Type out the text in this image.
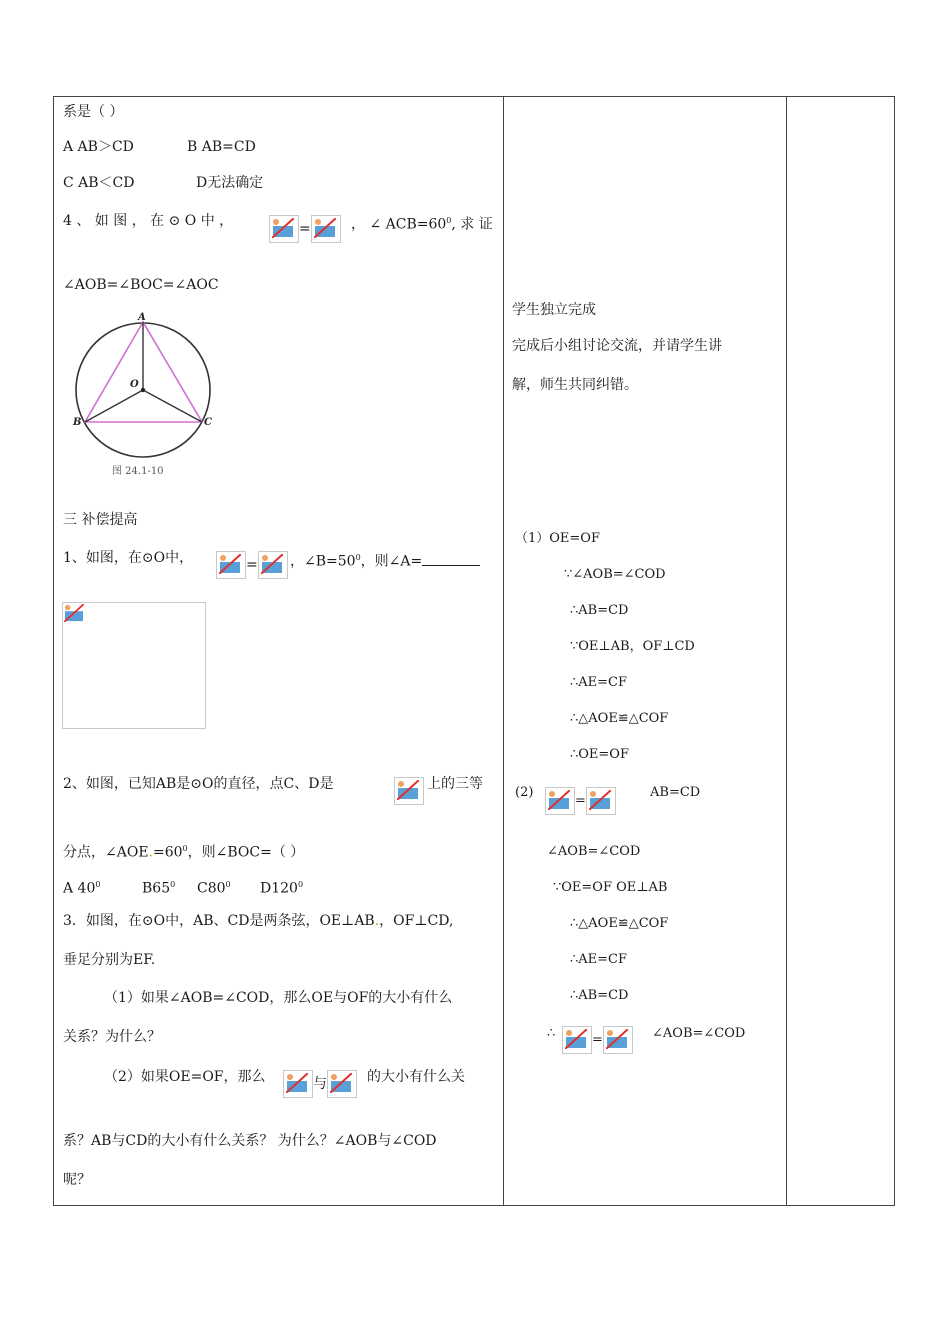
系是（ ）
A AB＞CD	B AB=CD
C AB＜CD	D无法确定
4 、 如 图 ， 在 ⊙ O 中 ，	=	， ∠ $ACB=60^0$, 求 证
∠AOB=∠BOC=∠AOC
A
O
B	C
图 24.1-10
三 补偿提高
1、如图，在⊙O中，	=	，$\angle B=50^0$，则∠A=
2、如图，已知AB是⊙O的直径，点C、D是	上的三等
分点，$\angle AOE.=60^0$，则∠BOC=（ ）
A $40^0$	$B65^0$ $C80^0$ $D120^0$
3．如图，在⊙O中，AB、CD是两条弦，OE⊥AB.，OF⊥CD,
垂足分别为EF.
（1）如果∠AOB=∠COD，那么OE与OF的大小有什么
关系？为什么？
（2）如果OE=OF，那么	与	的大小有什么关
系？AB与CD的大小有什么关系？ 为什么？∠AOB与∠COD
呢？
学生独立完成
完成后小组讨论交流，并请学生讲
解，师生共同纠错。
（1）OE=OF
∵∠AOB=∠COD
∴AB=CD
∵OE⊥AB，OF⊥CD
∴AE=CF
∴△AOE≌△COF
∴OE=OF
(2)
=
AB=CD
∠AOB=∠COD
∵OE=OF OE⊥AB
∴△AOE≌△COF
∴AE=CF
∴AB=CD
∴	=	∠AOB=∠COD
